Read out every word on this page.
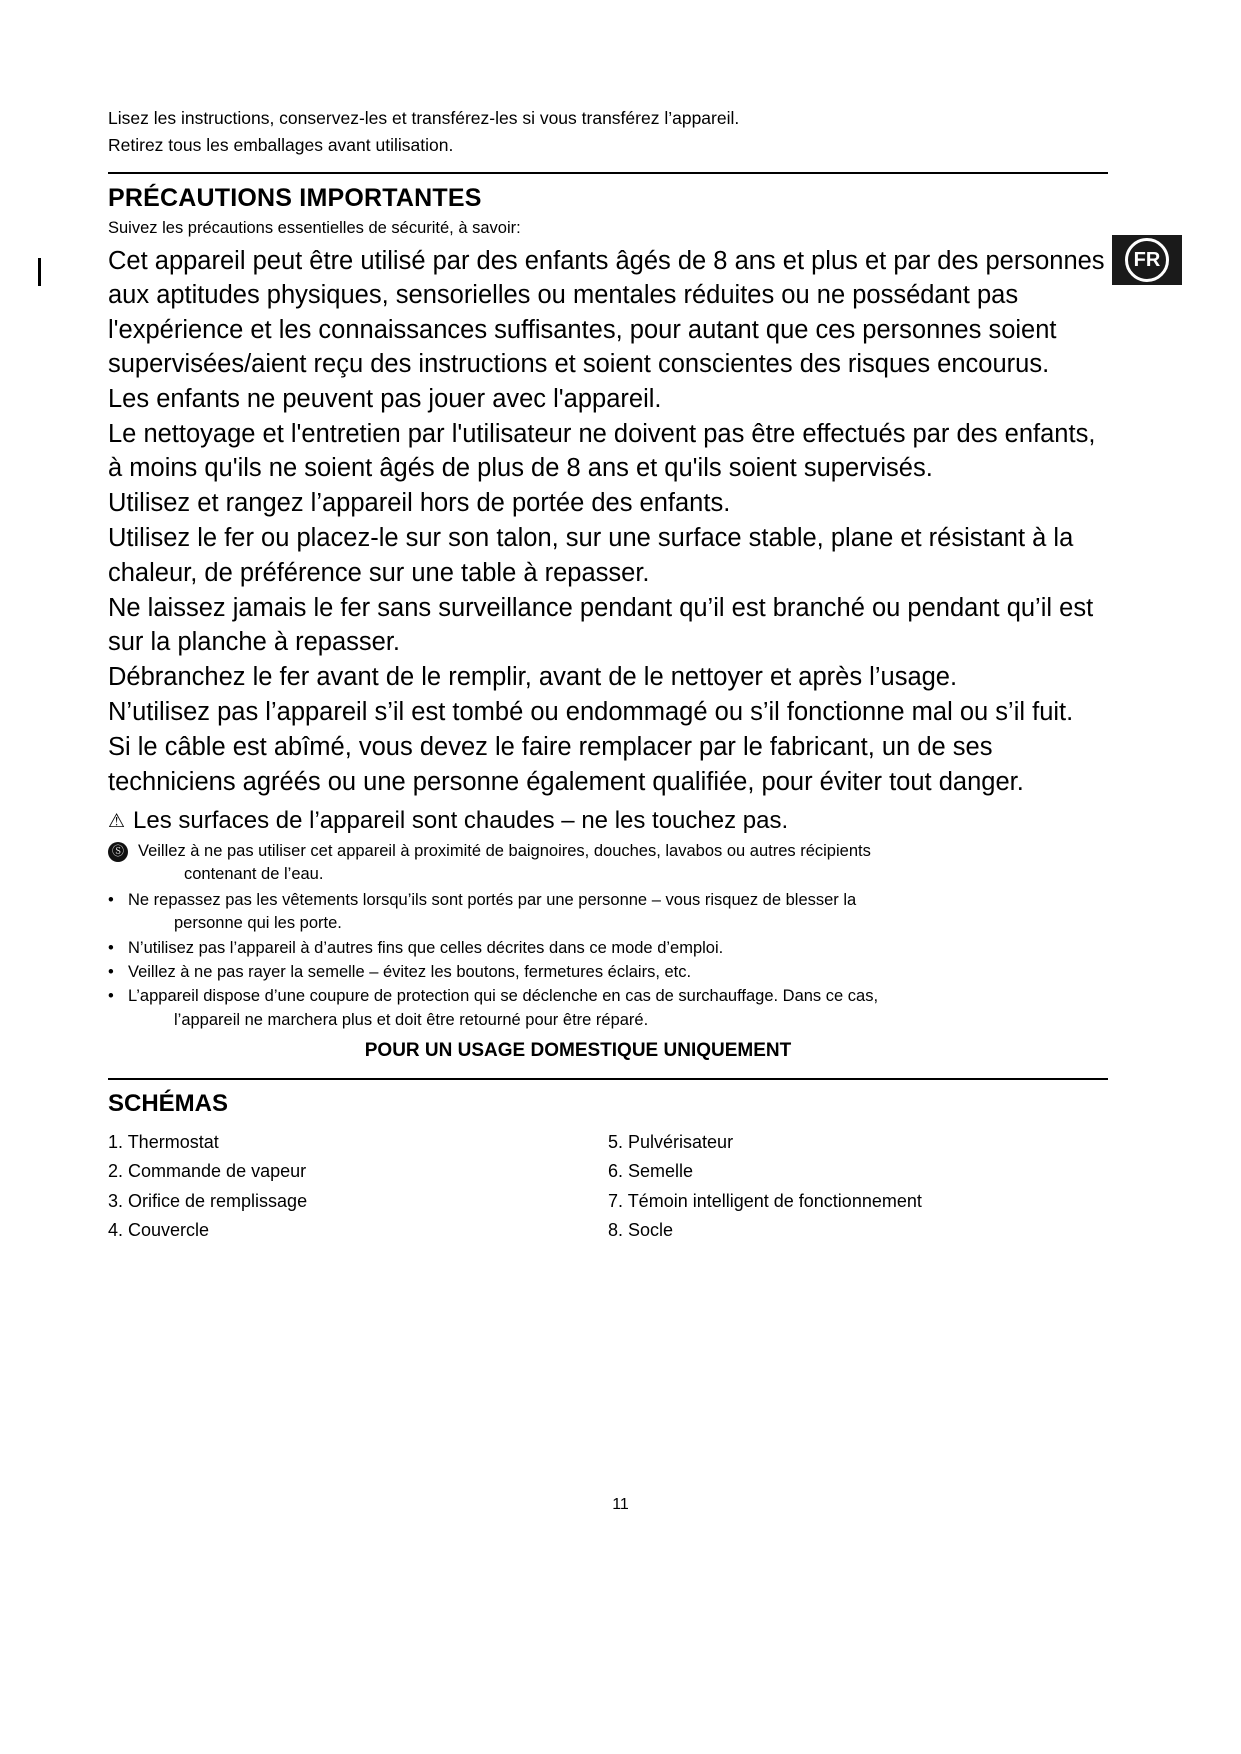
FR

Lisez les instructions, conservez-les et transférez-les si vous transférez l’appareil.
Retirez tous les emballages avant utilisation.

PRÉCAUTIONS IMPORTANTES

Suivez les précautions essentielles de sécurité, à savoir:

Cet appareil peut être utilisé par des enfants âgés de 8 ans et plus et par des personnes aux aptitudes physiques, sensorielles ou mentales réduites ou ne possédant pas l'expérience et les connaissances suffisantes, pour autant que ces personnes soient supervisées/aient reçu des instructions et soient conscientes des risques encourus.

Les enfants ne peuvent pas jouer avec l'appareil.

Le nettoyage et l'entretien par l'utilisateur ne doivent pas être effectués par des enfants, à moins qu'ils ne soient âgés de plus de 8 ans et qu'ils soient supervisés.

Utilisez et rangez l’appareil hors de portée des enfants.

Utilisez le fer ou placez-le sur son talon, sur une surface stable, plane et résistant à la chaleur, de préférence sur une table à repasser.

Ne laissez jamais le fer sans surveillance pendant qu’il est branché ou pendant qu’il est sur la planche à repasser.

Débranchez le fer avant de le remplir, avant de le nettoyer et après l’usage.

N’utilisez pas l’appareil s’il est tombé ou endommagé ou s’il fonctionne mal ou s’il fuit.

Si le câble est abîmé, vous devez le faire remplacer par le fabricant, un de ses techniciens agréés ou une personne également qualifiée, pour éviter tout danger.

⚠ Les surfaces de l’appareil sont chaudes – ne les touchez pas.
Ⓢ Veillez à ne pas utiliser cet appareil à proximité de baignoires, douches, lavabos ou autres récipients
contenant de l’eau.
• Ne repassez pas les vêtements lorsqu’ils sont portés par une personne – vous risquez de blesser la
personne qui les porte.
• N’utilisez pas l’appareil à d’autres fins que celles décrites dans ce mode d’emploi.
• Veillez à ne pas rayer la semelle – évitez les boutons, fermetures éclairs, etc.
• L’appareil dispose d’une coupure de protection qui se déclenche en cas de surchauffage. Dans ce cas,
l’appareil ne marchera plus et doit être retourné pour être réparé.
POUR UN USAGE DOMESTIQUE UNIQUEMENT
SCHÉMAS
1. Thermostat
2. Commande de vapeur
3. Orifice de remplissage
4. Couvercle
5. Pulvérisateur
6. Semelle
7. Témoin intelligent de fonctionnement
8. Socle
11
